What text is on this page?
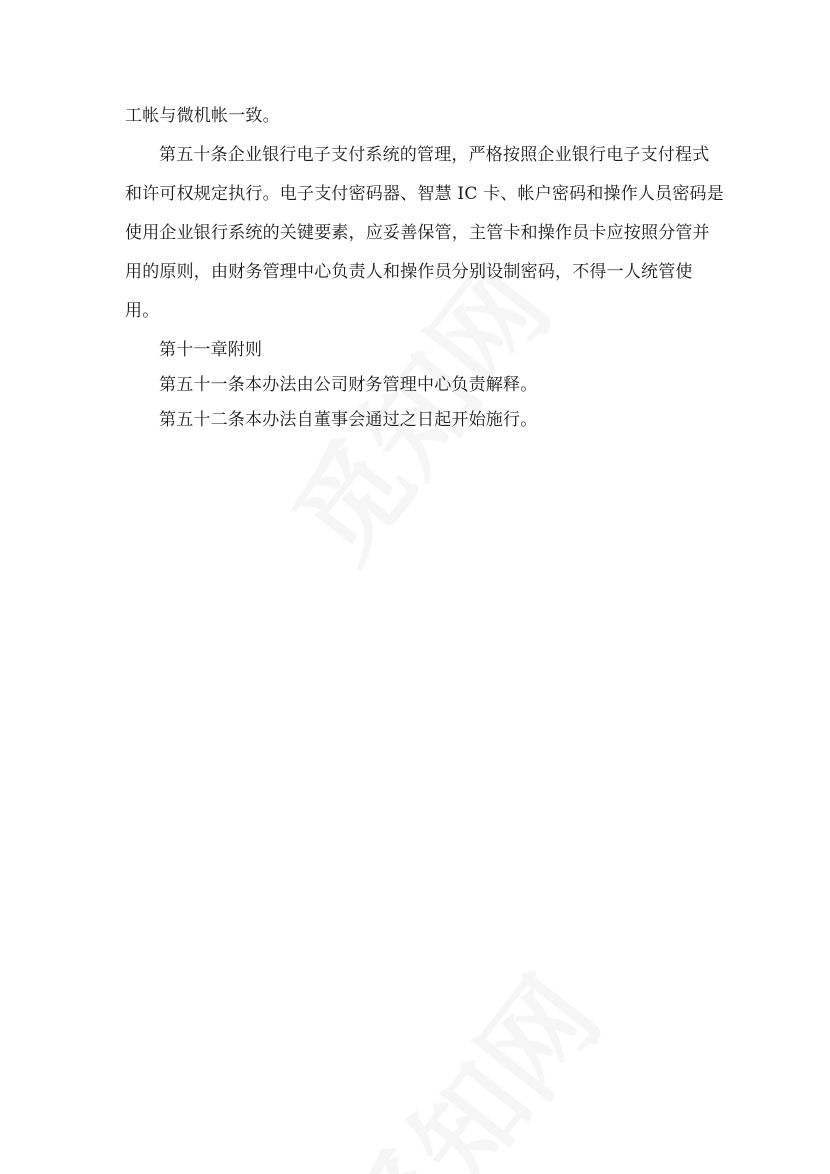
工帐与微机帐一致。
第五十条企业银行电子支付系统的管理，严格按照企业银行电子支付程式
和许可权规定执行。电子支付密码器、智慧 IC 卡、帐户密码和操作人员密码是
使用企业银行系统的关键要素，应妥善保管，主管卡和操作员卡应按照分管并
用的原则，由财务管理中心负责人和操作员分别设制密码，不得一人统管使
用。
第十一章附则
第五十一条本办法由公司财务管理中心负责解释。
第五十二条本办法自董事会通过之日起开始施行。
